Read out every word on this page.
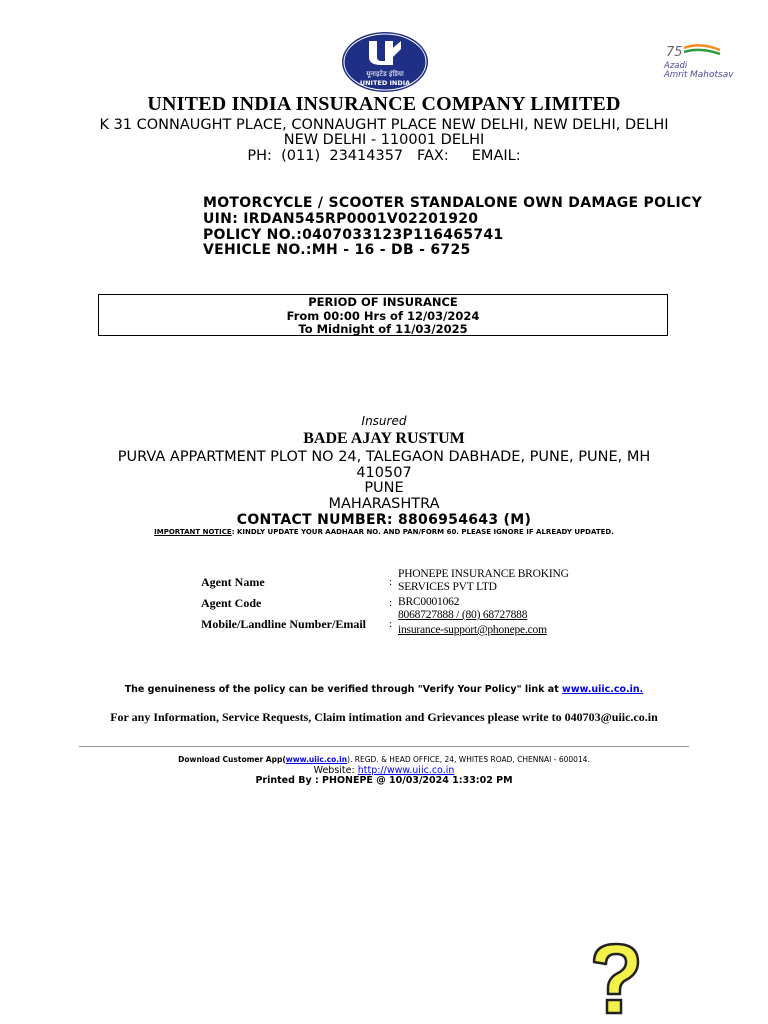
यूनाइटेड इंडिया
UNITED INDIA
75
Azadi
Amrit Mahotsav
UNITED INDIA INSURANCE COMPANY LIMITED
K 31 CONNAUGHT PLACE, CONNAUGHT PLACE NEW DELHI, NEW DELHI, DELHI
NEW DELHI - 110001 DELHI
PH:  (011)  23414357   FAX:     EMAIL:
MOTORCYCLE / SCOOTER STANDALONE OWN DAMAGE POLICY
UIN: IRDAN545RP0001V02201920
POLICY NO.:0407033123P116465741
VEHICLE NO.:MH - 16 - DB - 6725
PERIOD OF INSURANCE
From 00:00 Hrs of 12/03/2024
To Midnight of 11/03/2025
Insured
BADE AJAY RUSTUM
PURVA APPARTMENT PLOT NO 24, TALEGAON DABHADE, PUNE, PUNE, MH
410507
PUNE
MAHARASHTRA
CONTACT NUMBER: 8806954643 (M)
IMPORTANT NOTICE: KINDLY UPDATE YOUR AADHAAR NO. AND PAN/FORM 60. PLEASE IGNORE IF ALREADY UPDATED.
Agent Name	:
PHONEPE INSURANCE BROKING
SERVICES PVT LTD
Agent Code	: BRC0001062
Mobile/Landline Number/Email :
8068727888 / (80) 68727888
insurance-support@phonepe.com
The genuineness of the policy can be verified through "Verify Your Policy" link at www.uiic.co.in.
For any Information, Service Requests, Claim intimation and Grievances please write to 040703@uiic.co.in
Download Customer App(www.uiic.co.in). REGD. & HEAD OFFICE, 24, WHITES ROAD, CHENNAI - 600014.
Website: http://www.uiic.co.in
Printed By : PHONEPE @ 10/03/2024 1:33:02 PM
